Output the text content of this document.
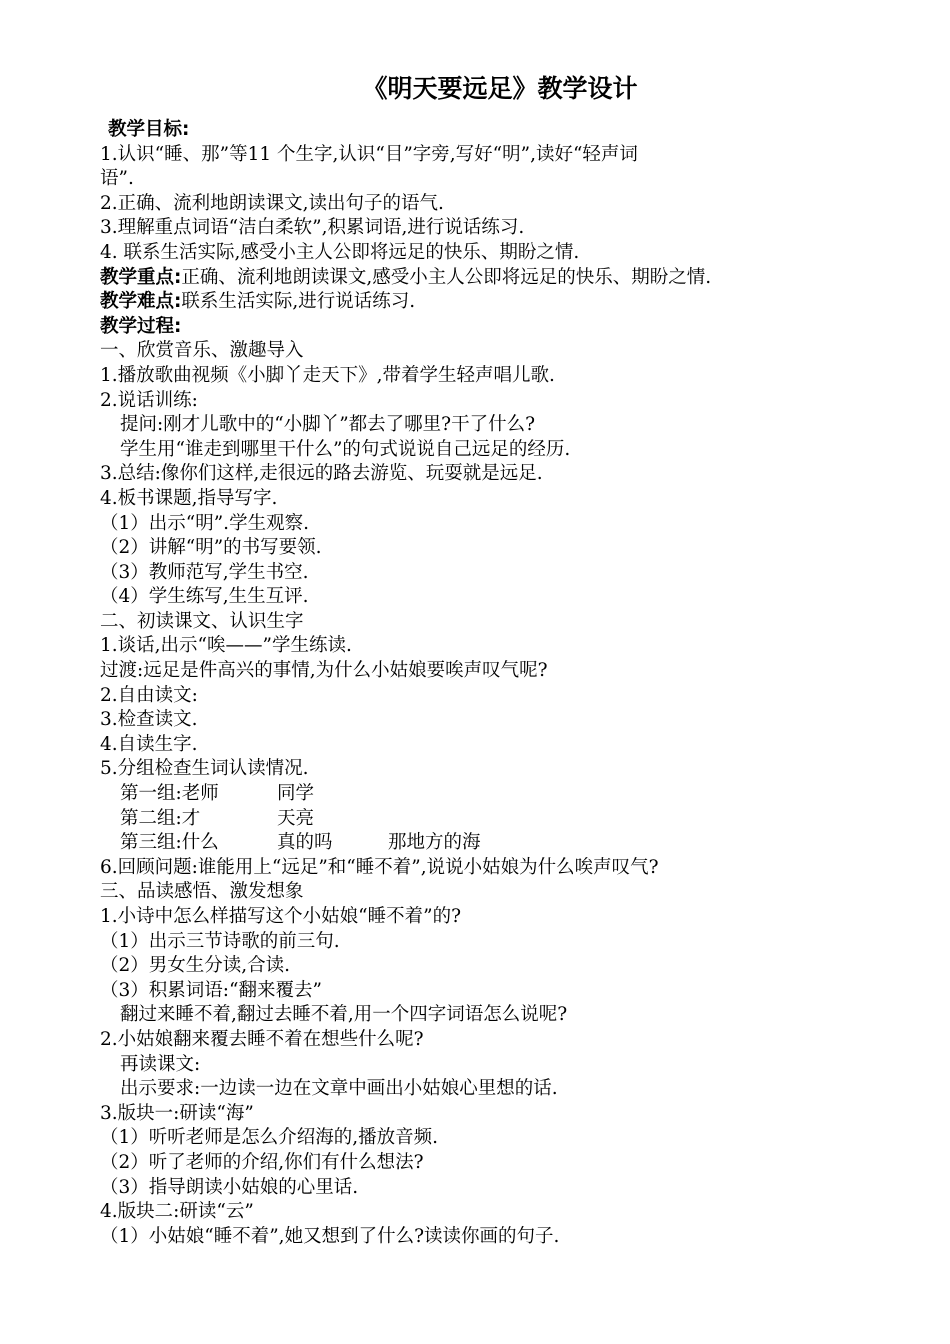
《明天要远足》教学设计
教学目标:
1.认识“睡、那”等11 个生字,认识“目”字旁,写好“明”,读好“轻声词
语”.
2.正确、流利地朗读课文,读出句子的语气.
3.理解重点词语“洁白柔软”,积累词语,进行说话练习.
4. 联系生活实际,感受小主人公即将远足的快乐、期盼之情.
教学重点:正确、流利地朗读课文,感受小主人公即将远足的快乐、期盼之情.
教学难点:联系生活实际,进行说话练习.
教学过程:
一、欣赏音乐、激趣导入
1.播放歌曲视频《小脚丫走天下》,带着学生轻声唱儿歌.
2.说话训练:
提问:刚才儿歌中的“小脚丫”都去了哪里?干了什么?
学生用“谁走到哪里干什么”的句式说说自己远足的经历.
3.总结:像你们这样,走很远的路去游览、玩耍就是远足.
4.板书课题,指导写字.
（1）出示“明”.学生观察.
（2）讲解“明”的书写要领.
（3）教师范写,学生书空.
（4）学生练写,生生互评.
二、初读课文、认识生字
1.谈话,出示“唉——”学生练读.
过渡:远足是件高兴的事情,为什么小姑娘要唉声叹气呢?
2.自由读文:
3.检查读文.
4.自读生字.
5.分组检查生词认读情况.
第一组:老师	同学
第二组:才	天亮
第三组:什么	真的吗	那地方的海
6.回顾问题:谁能用上“远足”和“睡不着”,说说小姑娘为什么唉声叹气?
三、品读感悟、激发想象
1.小诗中怎么样描写这个小姑娘“睡不着”的?
（1）出示三节诗歌的前三句.
（2）男女生分读,合读.
（3）积累词语:“翻来覆去”
翻过来睡不着,翻过去睡不着,用一个四字词语怎么说呢?
2.小姑娘翻来覆去睡不着在想些什么呢?
再读课文:
出示要求:一边读一边在文章中画出小姑娘心里想的话.
3.版块一:研读“海”
（1）听听老师是怎么介绍海的,播放音频.
（2）听了老师的介绍,你们有什么想法?
（3）指导朗读小姑娘的心里话.
4.版块二:研读“云”
（1）小姑娘“睡不着”,她又想到了什么?读读你画的句子.
